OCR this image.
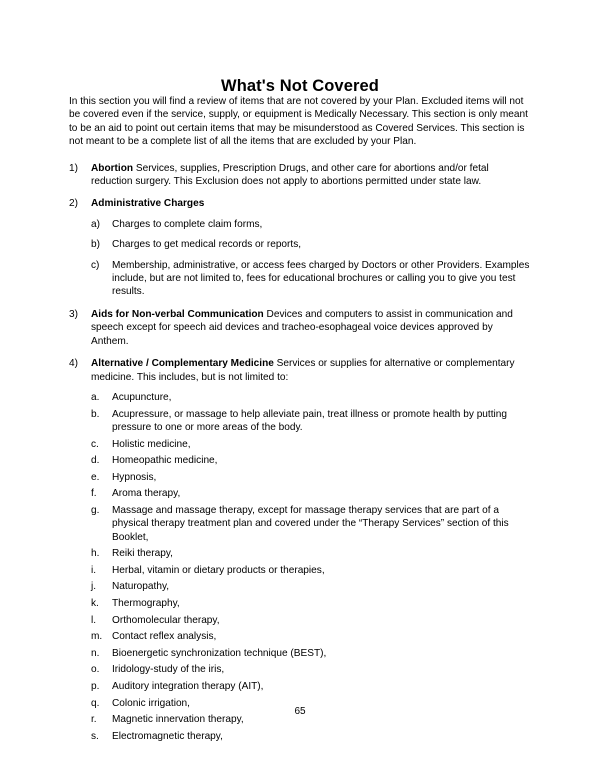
What's Not Covered

In this section you will find a review of items that are not covered by your Plan. Excluded items will not be covered even if the service, supply, or equipment is Medically Necessary. This section is only meant to be an aid to point out certain items that may be misunderstood as Covered Services. This section is not meant to be a complete list of all the items that are excluded by your Plan.

1)	Abortion Services, supplies, Prescription Drugs, and other care for abortions and/or fetal reduction surgery. This Exclusion does not apply to abortions permitted under state law.
2)	Administrative Charges
a)	Charges to complete claim forms,
b)	Charges to get medical records or reports,
c)	Membership, administrative, or access fees charged by Doctors or other Providers. Examples include, but are not limited to, fees for educational brochures or calling you to give you test results.
3)	Aids for Non-verbal Communication Devices and computers to assist in communication and speech except for speech aid devices and tracheo-esophageal voice devices approved by Anthem.
4)	Alternative / Complementary Medicine Services or supplies for alternative or complementary medicine. This includes, but is not limited to:
a.	Acupuncture,
b.	Acupressure, or massage to help alleviate pain, treat illness or promote health by putting pressure to one or more areas of the body.
c.	Holistic medicine,
d.	Homeopathic medicine,
e.	Hypnosis,
f.	Aroma therapy,
g.	Massage and massage therapy, except for massage therapy services that are part of a physical therapy treatment plan and covered under the “Therapy Services” section of this Booklet,
h.	Reiki therapy,
i.	Herbal, vitamin or dietary products or therapies,
j.	Naturopathy,
k.	Thermography,
l.	Orthomolecular therapy,
m. Contact reflex analysis,
n.	Bioenergetic synchronization technique (BEST),
o.	Iridology-study of the iris,
p.	Auditory integration therapy (AIT),
q.	Colonic irrigation,
r.	Magnetic innervation therapy,
s.	Electromagnetic therapy,
65
